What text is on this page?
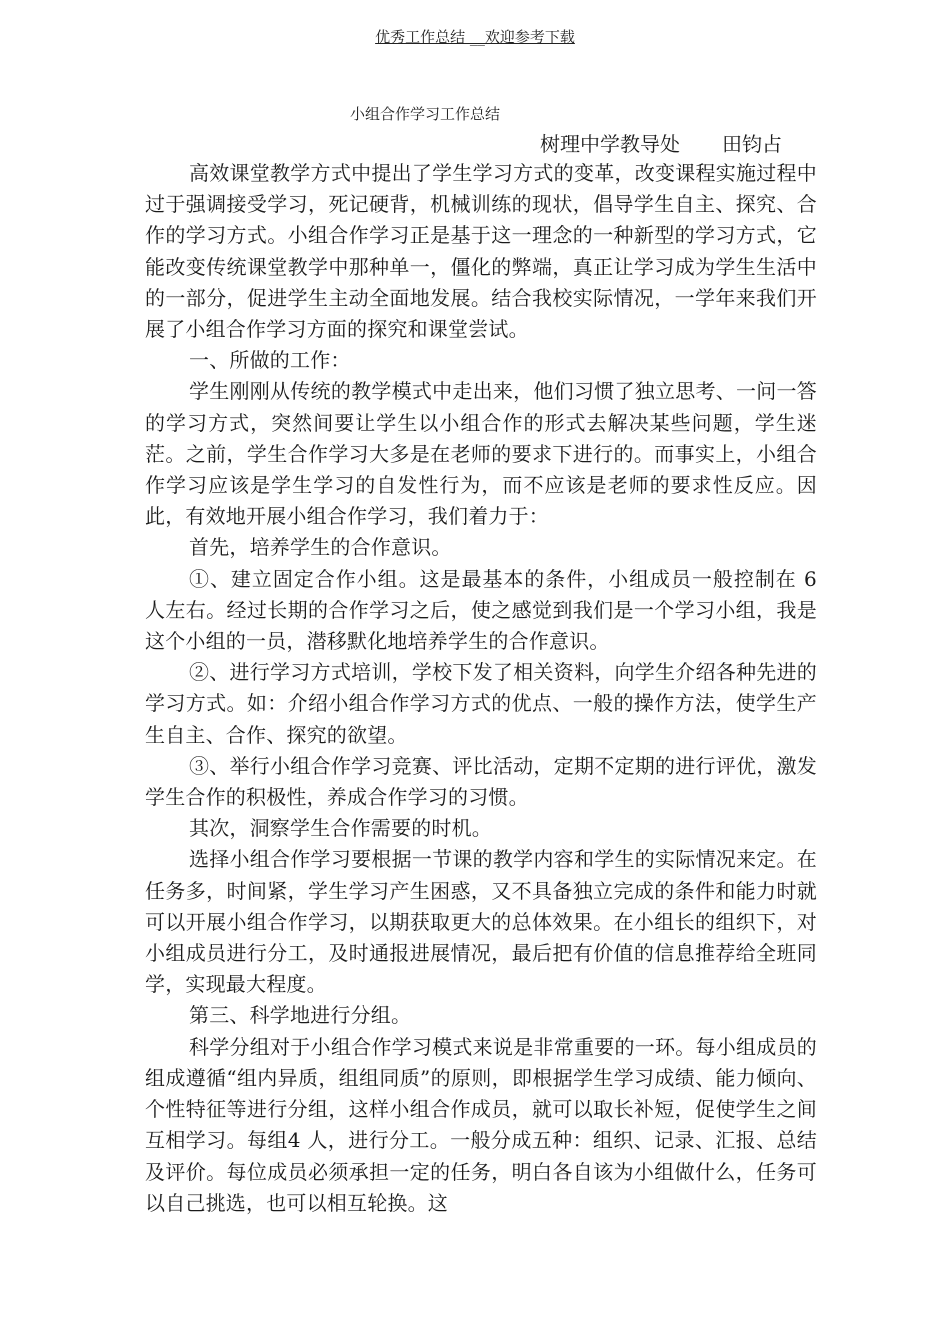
优秀工作总结 __欢迎参考下载
小组合作学习工作总结
树理中学教导处 田钧占

高效课堂教学方式中提出了学生学习方式的变革，改变课程实施过程中过于强调接受学习，死记硬背，机械训练的现状，倡导学生自主、探究、合作的学习方式。小组合作学习正是基于这一理念的一种新型的学习方式，它能改变传统课堂教学中那种单一，僵化的弊端，真正让学习成为学生生活中的一部分，促进学生主动全面地发展。结合我校实际情况，一学年来我们开展了小组合作学习方面的探究和课堂尝试。

一、所做的工作：

学生刚刚从传统的教学模式中走出来，他们习惯了独立思考、一问一答的学习方式，突然间要让学生以小组合作的形式去解决某些问题，学生迷茫。之前，学生合作学习大多是在老师的要求下进行的。而事实上，小组合作学习应该是学生学习的自发性行为，而不应该是老师的要求性反应。因此，有效地开展小组合作学习，我们着力于：

首先，培养学生的合作意识。

①、建立固定合作小组。这是最基本的条件，小组成员一般控制在 6 人左右。经过长期的合作学习之后，使之感觉到我们是一个学习小组，我是这个小组的一员，潜移默化地培养学生的合作意识。

②、进行学习方式培训，学校下发了相关资料，向学生介绍各种先进的学习方式。如：介绍小组合作学习方式的优点、一般的操作方法，使学生产生自主、合作、探究的欲望。

③、举行小组合作学习竞赛、评比活动，定期不定期的进行评优，激发学生合作的积极性，养成合作学习的习惯。

其次，洞察学生合作需要的时机。

选择小组合作学习要根据一节课的教学内容和学生的实际情况来定。在任务多，时间紧，学生学习产生困惑，又不具备独立完成的条件和能力时就可以开展小组合作学习，以期获取更大的总体效果。在小组长的组织下，对小组成员进行分工，及时通报进展情况，最后把有价值的信息推荐给全班同学，实现最大程度。

第三、科学地进行分组。

科学分组对于小组合作学习模式来说是非常重要的一环。每小组成员的组成遵循“组内异质，组组同质”的原则，即根据学生学习成绩、能力倾向、个性特征等进行分组，这样小组合作成员，就可以取长补短，促使学生之间互相学习。每组4 人，进行分工。一般分成五种：组织、记录、汇报、总结及评价。每位成员必须承担一定的任务，明白各自该为小组做什么，任务可以自己挑选，也可以相互轮换。这
